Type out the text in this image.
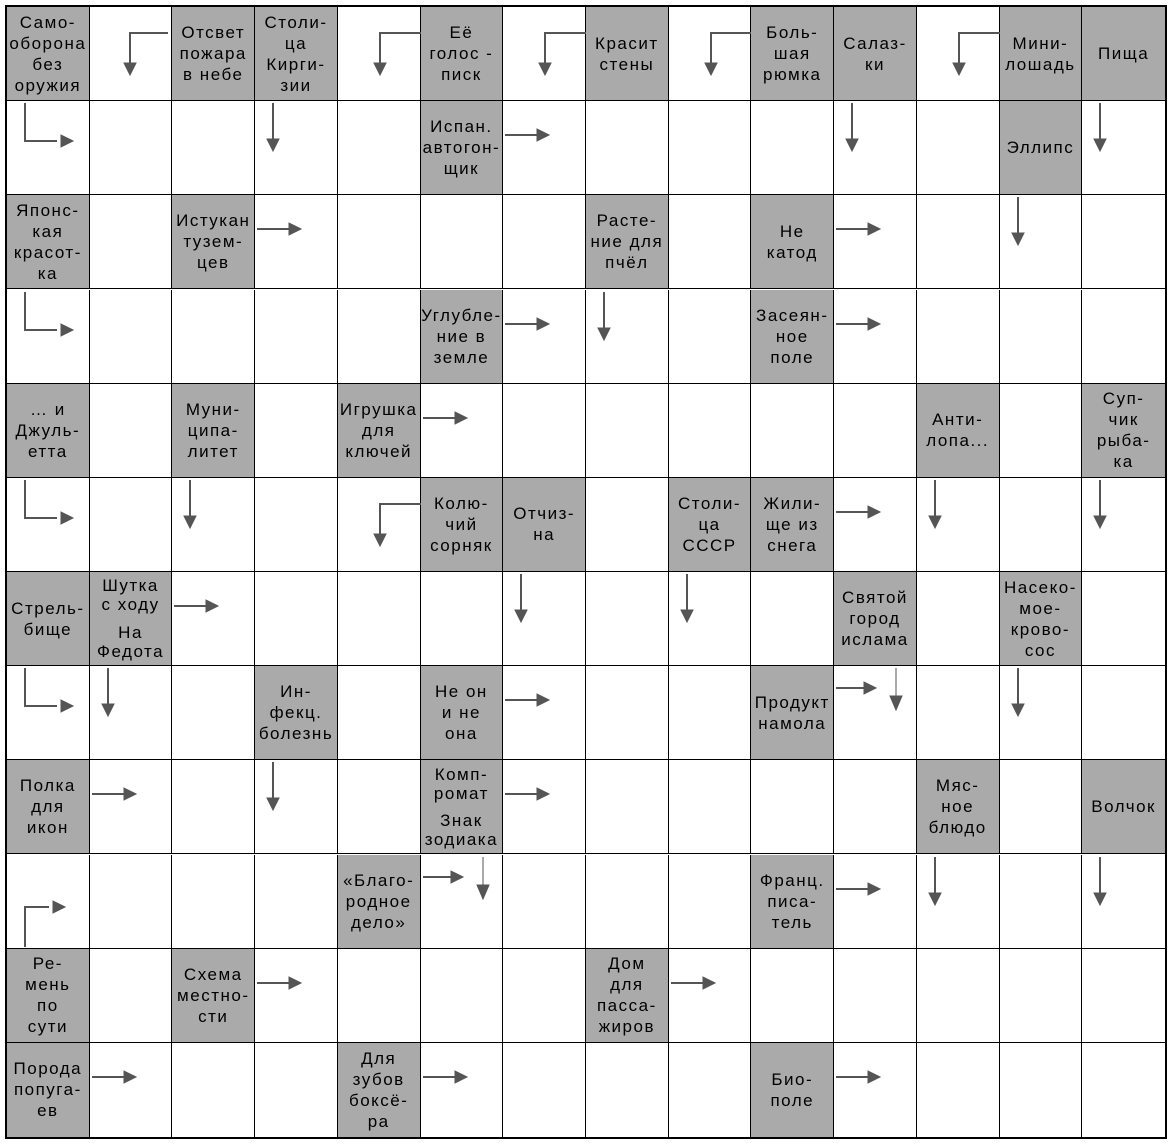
Само-
оборона
без
оружия
Отсвет
пожара
в небе
Столи-
ца
Кирги-
зии
Её
голос -
писк
Красит
стены
Боль-
шая
рюмка
Салаз-
ки
Мини-
лошадь
Пища
Испан.
автогон-
щик
Эллипс
Японс-
кая
красот-
ка
Истукан
тузем-
цев
Расте-
ние для
пчёл
Не
катод
Углубле-
ние в
земле
Засеян-
ное
поле
… и
Джуль-
етта
Муни-
ципа-
литет
Игрушка
для
ключей
Анти-
лопа...
Суп-
чик
рыба-
ка
Колю-
чий
сорняк
Отчиз-
на
Столи-
ца
СССР
Жили-
ще из
снега
Стрель-
бище
Шутка
с ходу
На
Федота
Святой
город
ислама
Насеко-
мое-
крово-
сос
Ин-
фекц.
болезнь
Не он
и не
она
Продукт
намола
Полка
для
икон
Комп-
ромат
Знак
зодиака
Мяс-
ное
блюдо
Волчок
«Благо-
родное
дело»
Франц.
писа-
тель
Ре-
мень
по
сути
Схема
местно-
сти
Дом
для
пасса-
жиров
Порода
попуга-
ев
Для
зубов
боксё-
ра
Био-
поле
